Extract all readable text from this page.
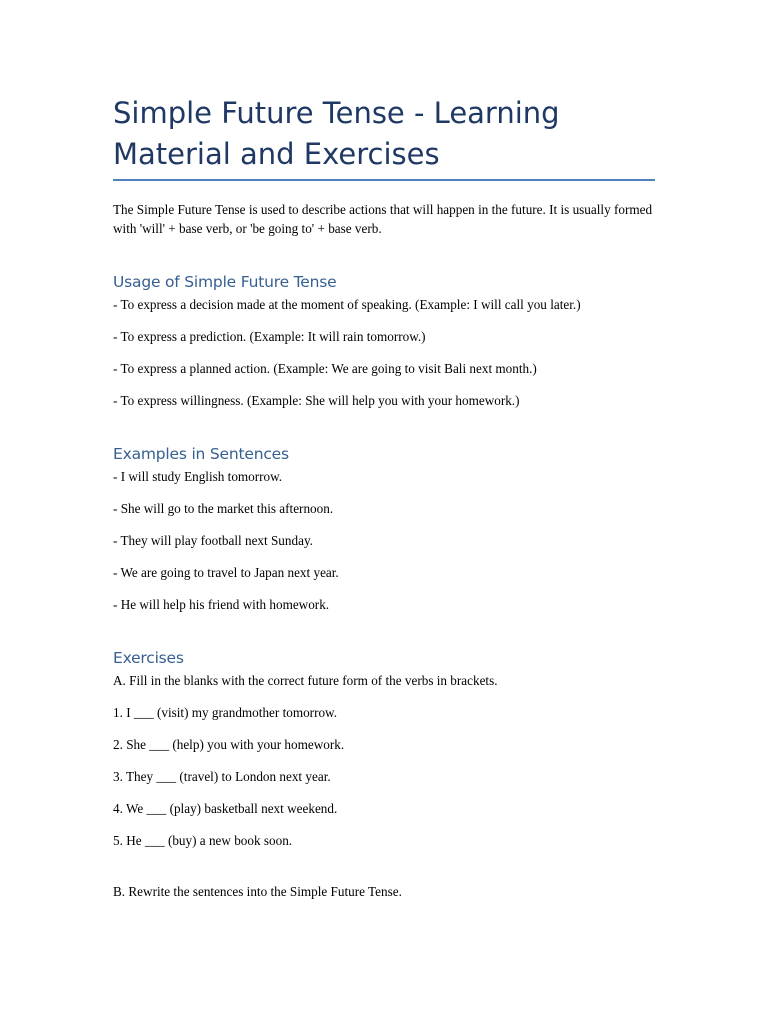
Simple Future Tense - Learning Material and Exercises

The Simple Future Tense is used to describe actions that will happen in the future. It is usually formed with 'will' + base verb, or 'be going to' + base verb.

Usage of Simple Future Tense

- To express a decision made at the moment of speaking. (Example: I will call you later.)

- To express a prediction. (Example: It will rain tomorrow.)

- To express a planned action. (Example: We are going to visit Bali next month.)

- To express willingness. (Example: She will help you with your homework.)

Examples in Sentences

- I will study English tomorrow.

- She will go to the market this afternoon.

- They will play football next Sunday.

- We are going to travel to Japan next year.

- He will help his friend with homework.

Exercises

A. Fill in the blanks with the correct future form of the verbs in brackets.

1. I ___ (visit) my grandmother tomorrow.

2. She ___ (help) you with your homework.

3. They ___ (travel) to London next year.

4. We ___ (play) basketball next weekend.

5. He ___ (buy) a new book soon.

B. Rewrite the sentences into the Simple Future Tense.
